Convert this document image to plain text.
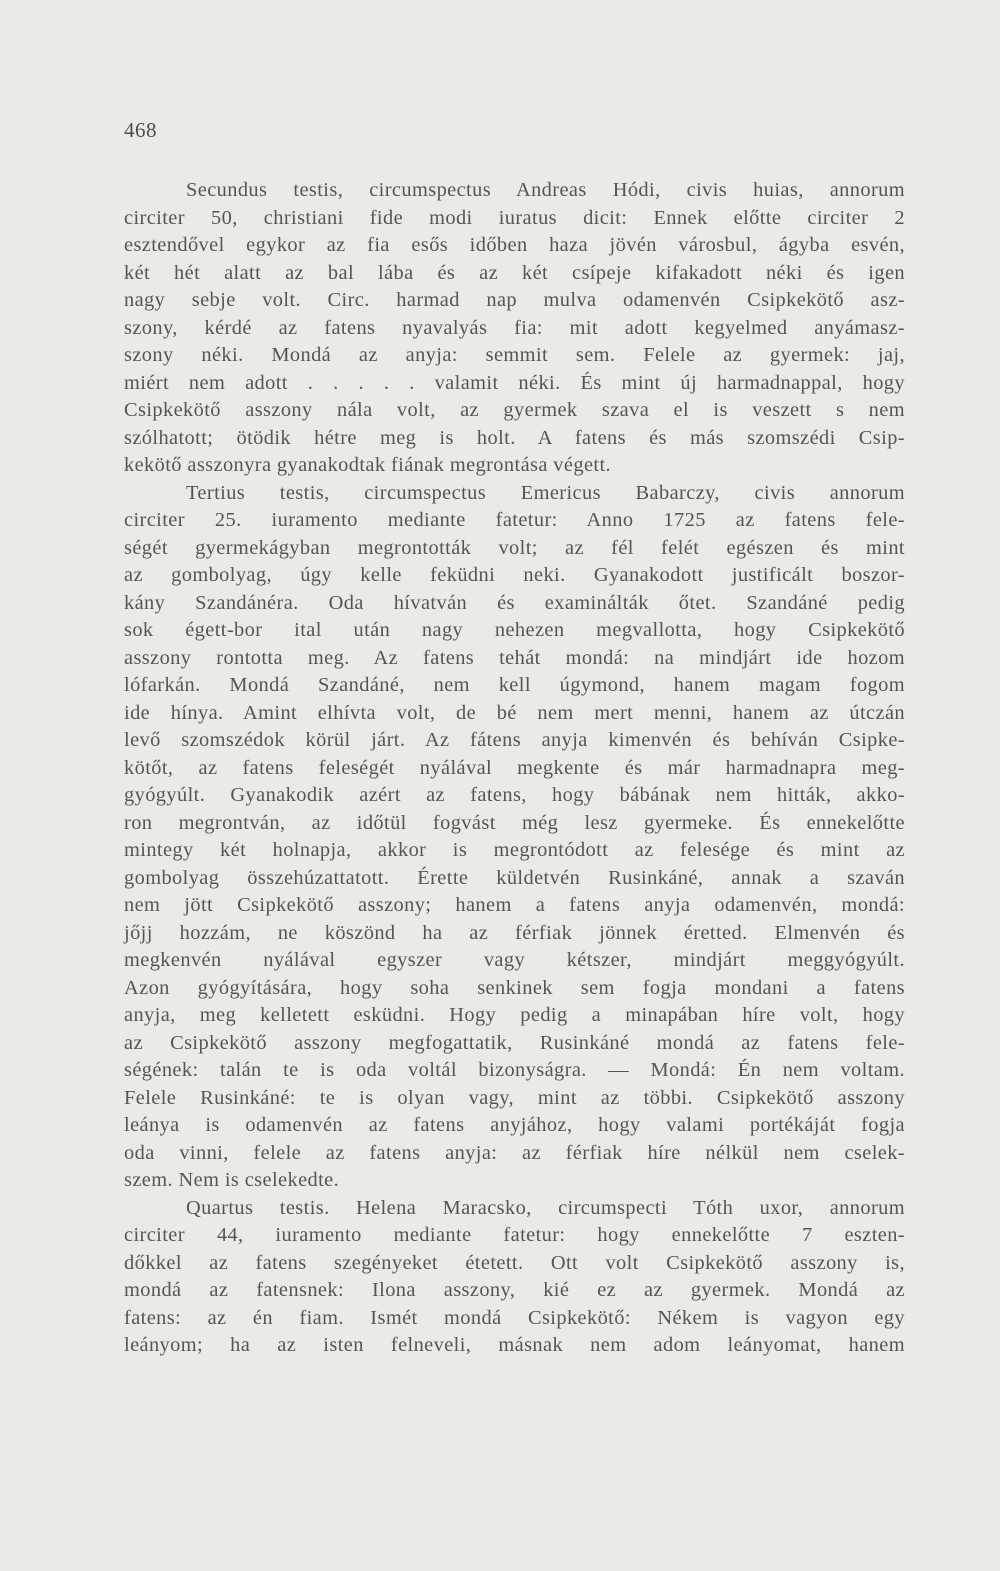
468
Secundus testis, circumspectus Andreas Hódi, civis huias, annorum
circiter 50, christiani fide modi iuratus dicit: Ennek előtte circiter 2
esztendővel egykor az fia esős időben haza jövén városbul, ágyba esvén,
két hét alatt az bal lába és az két csípeje kifakadott néki és igen
nagy sebje volt. Circ. harmad nap mulva odamenvén Csipkekötő asz-
szony, kérdé az fatens nyavalyás fia: mit adott kegyelmed anyámasz-
szony néki. Mondá az anyja: semmit sem. Felele az gyermek: jaj,
miért nem adott . . . . . valamit néki. És mint új harmadnappal, hogy
Csipkekötő asszony nála volt, az gyermek szava el is veszett s nem
szólhatott; ötödik hétre meg is holt. A fatens és más szomszédi Csip-
kekötő asszonyra gyanakodtak fiának megrontása végett.
Tertius testis, circumspectus Emericus Babarczy, civis annorum
circiter 25. iuramento mediante fatetur: Anno 1725 az fatens fele-
ségét gyermekágyban megrontották volt; az fél felét egészen és mint
az gombolyag, úgy kelle feküdni neki. Gyanakodott justificált boszor-
kány Szandánéra. Oda hívatván és examinálták őtet. Szandáné pedig
sok égett-bor ital után nagy nehezen megvallotta, hogy Csipkekötő
asszony rontotta meg. Az fatens tehát mondá: na mindjárt ide hozom
lófarkán. Mondá Szandáné, nem kell úgymond, hanem magam fogom
ide hínya. Amint elhívta volt, de bé nem mert menni, hanem az útczán
levő szomszédok körül járt. Az fátens anyja kimenvén és behíván Csipke-
kötőt, az fatens feleségét nyálával megkente és már harmadnapra meg-
gyógyúlt. Gyanakodik azért az fatens, hogy bábának nem hitták, akko-
ron megrontván, az időtül fogvást még lesz gyermeke. És ennekelőtte
mintegy két holnapja, akkor is megrontódott az felesége és mint az
gombolyag összehúzattatott. Érette küldetvén Rusinkáné, annak a szaván
nem jött Csipkekötő asszony; hanem a fatens anyja odamenvén, mondá:
jőjj hozzám, ne köszönd ha az férfiak jönnek éretted. Elmenvén és
megkenvén nyálával egyszer vagy kétszer, mindjárt meggyógyúlt.
Azon gyógyítására, hogy soha senkinek sem fogja mondani a fatens
anyja, meg kelletett esküdni. Hogy pedig a minapában híre volt, hogy
az Csipkekötő asszony megfogattatik, Rusinkáné mondá az fatens fele-
ségének: talán te is oda voltál bizonyságra. — Mondá: Én nem voltam.
Felele Rusinkáné: te is olyan vagy, mint az többi. Csipkekötő asszony
leánya is odamenvén az fatens anyjához, hogy valami portékáját fogja
oda vinni, felele az fatens anyja: az férfiak híre nélkül nem cselek-
szem. Nem is cselekedte.
Quartus testis. Helena Maracsko, circumspecti Tóth uxor, annorum
circiter 44, iuramento mediante fatetur: hogy ennekelőtte 7 eszten-
dőkkel az fatens szegényeket étetett. Ott volt Csipkekötő asszony is,
mondá az fatensnek: Ilona asszony, kié ez az gyermek. Mondá az
fatens: az én fiam. Ismét mondá Csipkekötő: Nékem is vagyon egy
leányom; ha az isten felneveli, másnak nem adom leányomat, hanem
